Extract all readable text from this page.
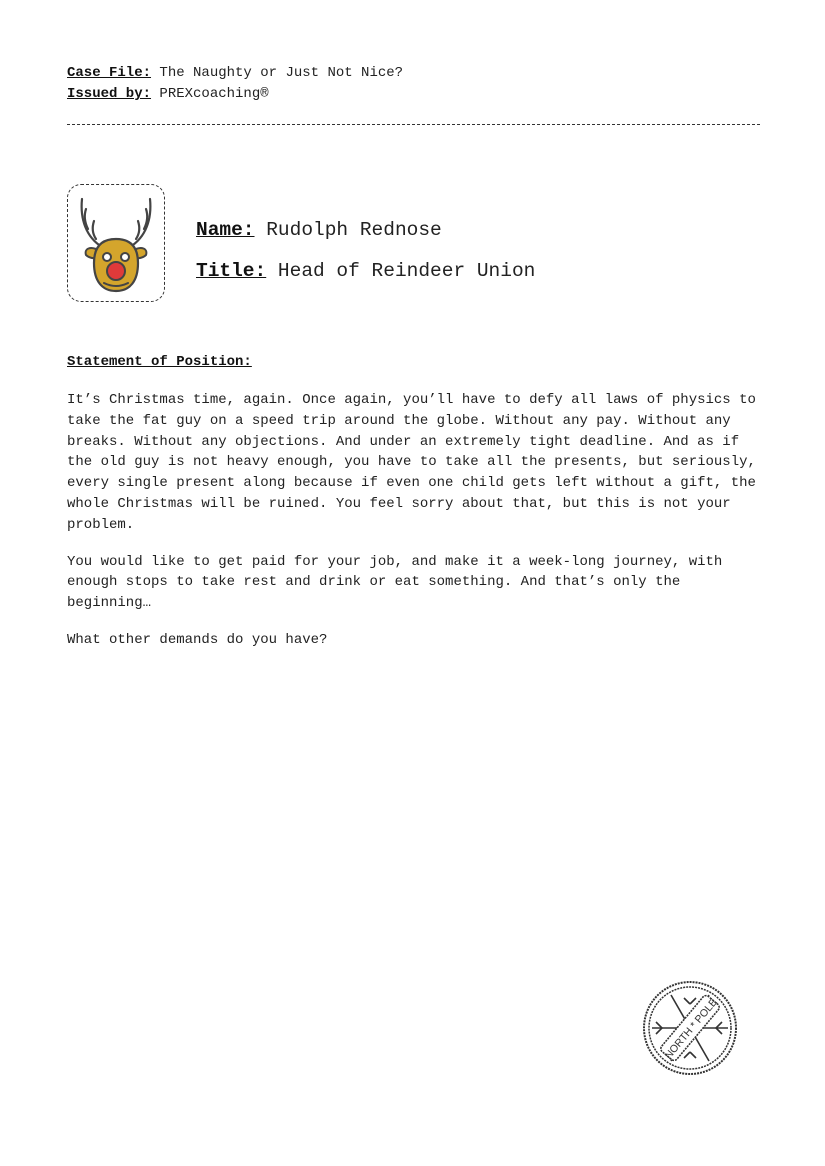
Case File: The Naughty or Just Not Nice?
Issued by: PREXcoaching®
Name: Rudolph Rednose
Title: Head of Reindeer Union
Statement of Position:

It’s Christmas time, again. Once again, you’ll have to defy all laws of physics to take the fat guy on a speed trip around the globe. Without any pay. Without any breaks. Without any objections. And under an extremely tight deadline. And as if the old guy is not heavy enough, you have to take all the presents, but seriously, every single present along because if even one child gets left without a gift, the whole Christmas will be ruined. You feel sorry about that, but this is not your problem.

You would like to get paid for your job, and make it a week-long journey, with enough stops to take rest and drink or eat something. And that’s only the beginning…

What other demands do you have?

NORTH * POLE
